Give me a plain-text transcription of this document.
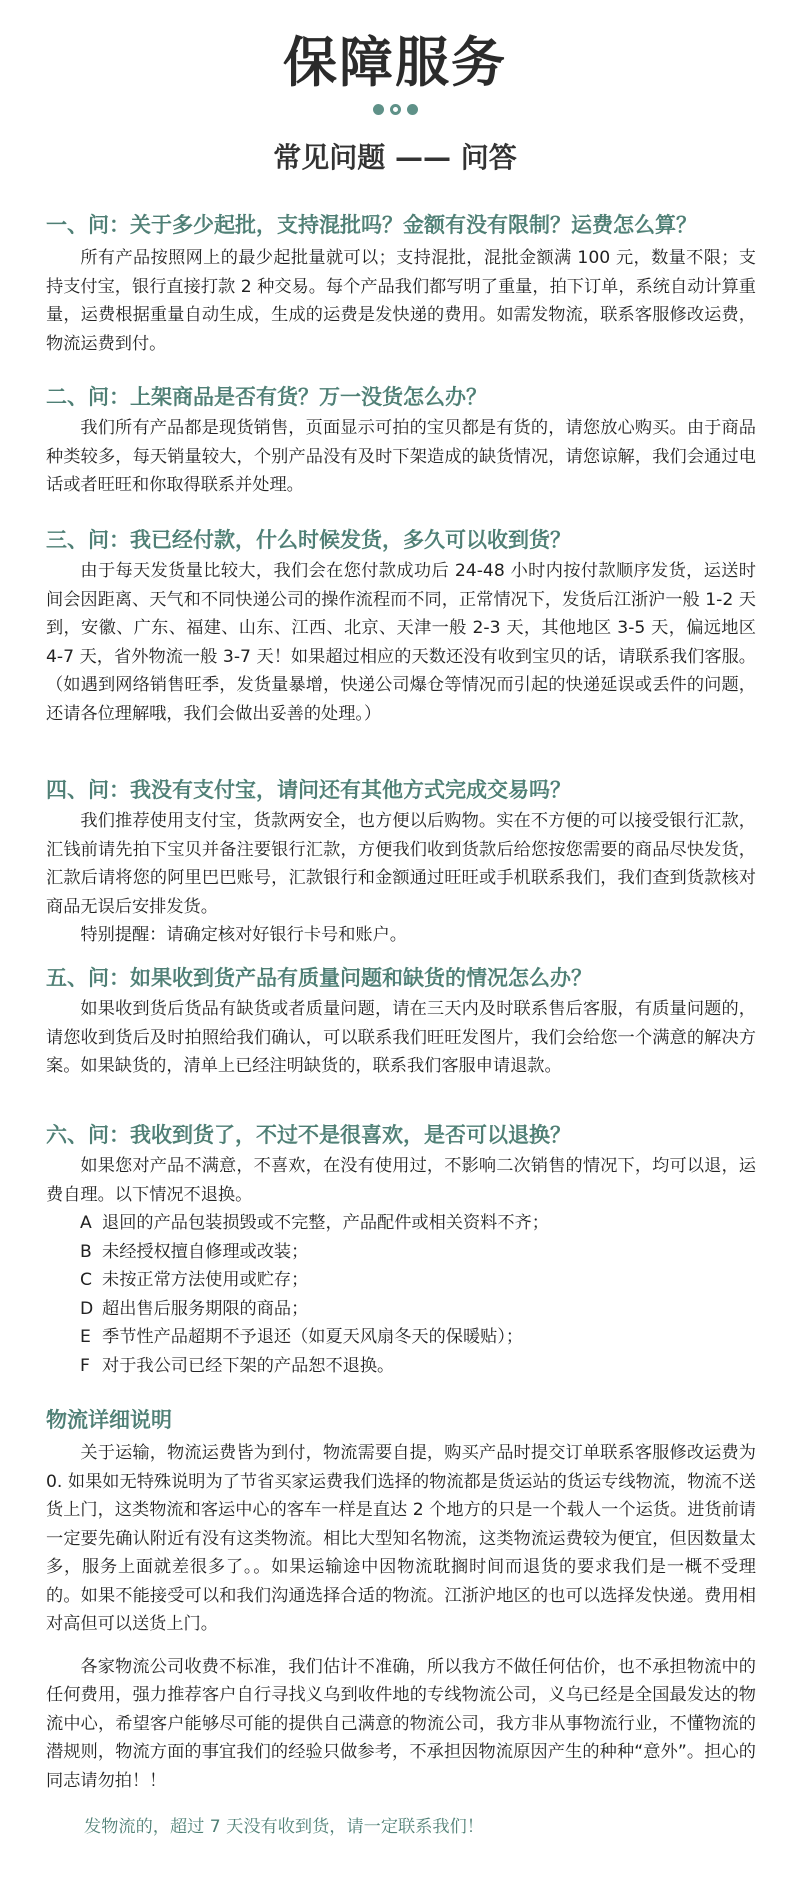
保障服务
常见问题 —— 问答
一、问：关于多少起批，支持混批吗？金额有没有限制？运费怎么算？

所有产品按照网上的最少起批量就可以；支持混批，混批金额满 100 元，数量不限；支持支付宝，银行直接打款 2 种交易。每个产品我们都写明了重量，拍下订单，系统自动计算重量，运费根据重量自动生成，生成的运费是发快递的费用。如需发物流，联系客服修改运费，物流运费到付。

二、问：上架商品是否有货？万一没货怎么办？

我们所有产品都是现货销售，页面显示可拍的宝贝都是有货的，请您放心购买。由于商品种类较多，每天销量较大，个别产品没有及时下架造成的缺货情况，请您谅解，我们会通过电话或者旺旺和你取得联系并处理。

三、问：我已经付款，什么时候发货，多久可以收到货？

由于每天发货量比较大，我们会在您付款成功后 24-48 小时内按付款顺序发货，运送时间会因距离、天气和不同快递公司的操作流程而不同，正常情况下，发货后江浙沪一般 1-2 天到，安徽、广东、福建、山东、江西、北京、天津一般 2-3 天，其他地区 3-5 天，偏远地区 4-7 天，省外物流一般 3-7 天！如果超过相应的天数还没有收到宝贝的话，请联系我们客服。（如遇到网络销售旺季，发货量暴增，快递公司爆仓等情况而引起的快递延误或丢件的问题，还请各位理解哦，我们会做出妥善的处理。）

四、问：我没有支付宝，请问还有其他方式完成交易吗？

我们推荐使用支付宝，货款两安全，也方便以后购物。实在不方便的可以接受银行汇款，汇钱前请先拍下宝贝并备注要银行汇款，方便我们收到货款后给您按您需要的商品尽快发货，汇款后请将您的阿里巴巴账号，汇款银行和金额通过旺旺或手机联系我们，我们查到货款核对商品无误后安排发货。

特别提醒：请确定核对好银行卡号和账户。

五、问：如果收到货产品有质量问题和缺货的情况怎么办？

如果收到货后货品有缺货或者质量问题，请在三天内及时联系售后客服，有质量问题的，请您收到货后及时拍照给我们确认，可以联系我们旺旺发图片，我们会给您一个满意的解决方案。如果缺货的，清单上已经注明缺货的，联系我们客服申请退款。

六、问：我收到货了，不过不是很喜欢，是否可以退换？

如果您对产品不满意，不喜欢，在没有使用过，不影响二次销售的情况下，均可以退，运费自理。以下情况不退换。

A 退回的产品包装损毁或不完整，产品配件或相关资料不齐；
B 未经授权擅自修理或改装；
C 未按正常方法使用或贮存；
D 超出售后服务期限的商品；
E 季节性产品超期不予退还（如夏天风扇冬天的保暖贴）；
F 对于我公司已经下架的产品恕不退换。
物流详细说明

关于运输，物流运费皆为到付，物流需要自提，购买产品时提交订单联系客服修改运费为 0. 如果如无特殊说明为了节省买家运费我们选择的物流都是货运站的货运专线物流，物流不送货上门，这类物流和客运中心的客车一样是直达 2 个地方的只是一个载人一个运货。进货前请一定要先确认附近有没有这类物流。相比大型知名物流，这类物流运费较为便宜，但因数量太多，服务上面就差很多了。。如果运输途中因物流耽搁时间而退货的要求我们是一概不受理的。如果不能接受可以和我们沟通选择合适的物流。江浙沪地区的也可以选择发快递。费用相对高但可以送货上门。

各家物流公司收费不标准，我们估计不准确，所以我方不做任何估价，也不承担物流中的任何费用，强力推荐客户自行寻找义乌到收件地的专线物流公司，义乌已经是全国最发达的物流中心，希望客户能够尽可能的提供自己满意的物流公司，我方非从事物流行业，不懂物流的潜规则，物流方面的事宜我们的经验只做参考，不承担因物流原因产生的种种“意外”。担心的同志请勿拍！！

发物流的，超过 7 天没有收到货，请一定联系我们！
